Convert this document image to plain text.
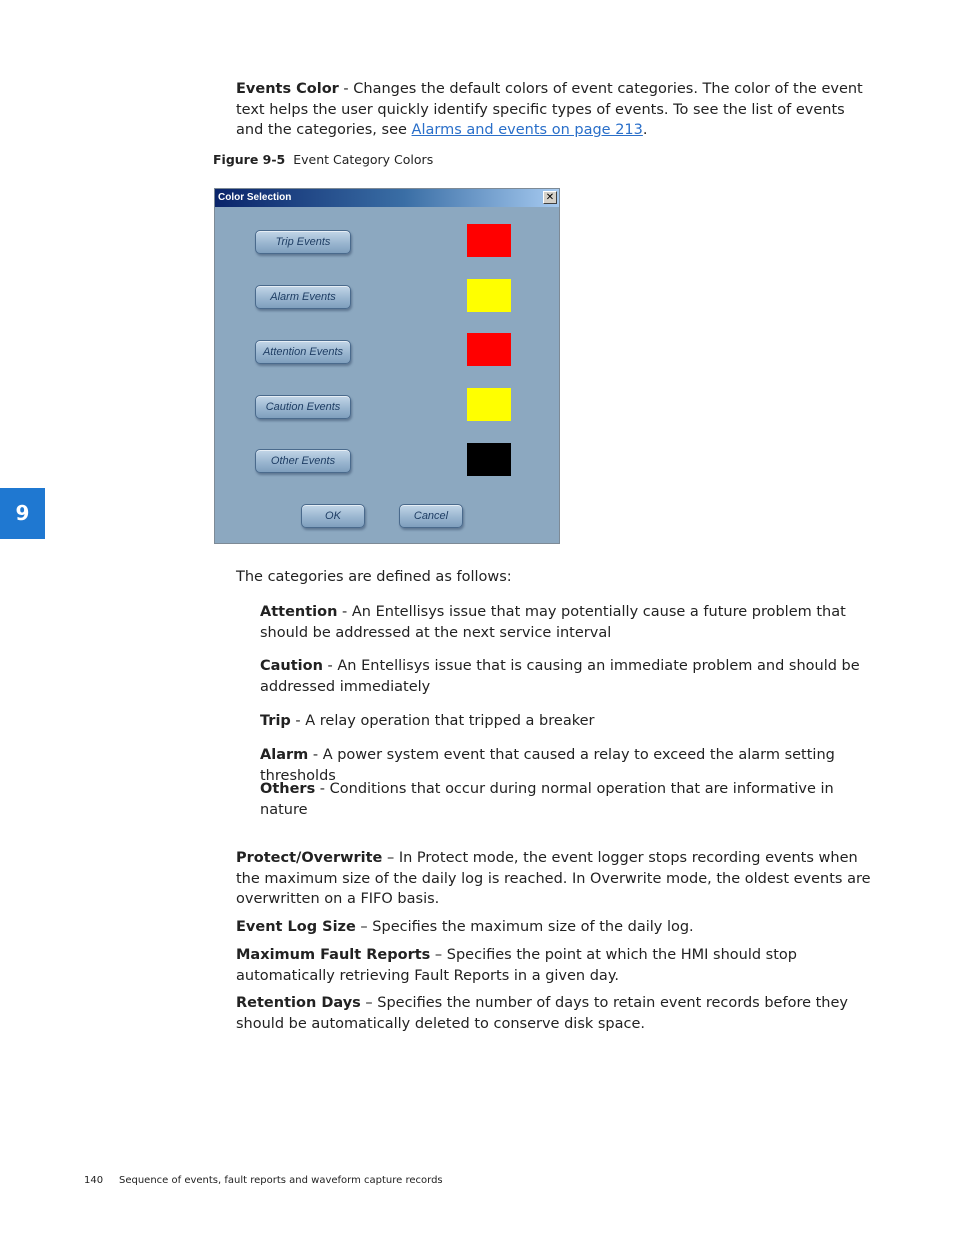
Events Color - Changes the default colors of event categories. The color of the event text helps the user quickly identify specific types of events. To see the list of events and the categories, see Alarms and events on page 213.

Figure 9-5 Event Category Colors
Color Selection	✕
Trip Events
Alarm Events
Attention Events
Caution Events
Other Events
OK	Cancel

The categories are defined as follows:

Attention - An Entellisys issue that may potentially cause a future problem that should be addressed at the next service interval

Caution - An Entellisys issue that is causing an immediate problem and should be addressed immediately

Trip - A relay operation that tripped a breaker

Alarm - A power system event that caused a relay to exceed the alarm setting thresholds

Others - Conditions that occur during normal operation that are informative in nature

Protect/Overwrite – In Protect mode, the event logger stops recording events when the maximum size of the daily log is reached. In Overwrite mode, the oldest events are overwritten on a FIFO basis.

Event Log Size – Specifies the maximum size of the daily log.

Maximum Fault Reports – Specifies the point at which the HMI should stop automatically retrieving Fault Reports in a given day.

Retention Days – Specifies the number of days to retain event records before they should be automatically deleted to conserve disk space.

9
140 Sequence of events, fault reports and waveform capture records
